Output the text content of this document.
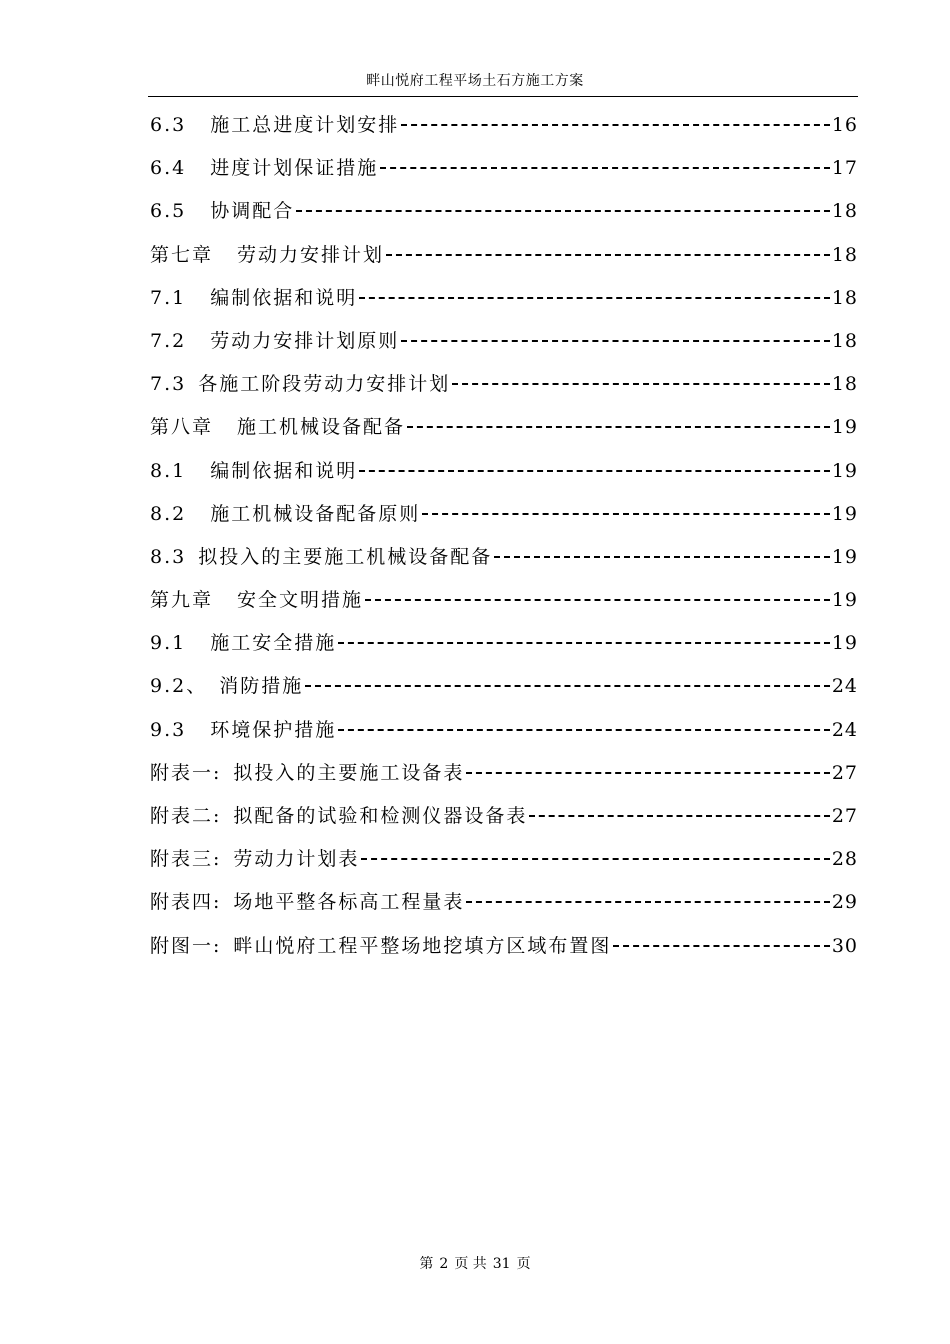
畔山悦府工程平场土石方施工方案
6.3 施工总进度计划安排	16
6.4 进度计划保证措施	17
6.5 协调配合	18
第七章 劳动力安排计划	18
7.1 编制依据和说明	18
7.2 劳动力安排计划原则	18
7.3 各施工阶段劳动力安排计划	18
第八章 施工机械设备配备	19
8.1 编制依据和说明	19
8.2 施工机械设备配备原则	19
8.3 拟投入的主要施工机械设备配备	19
第九章 安全文明措施	19
9.1 施工安全措施	19
9.2、 消防措施	24
9.3 环境保护措施	24
附表一: 拟投入的主要施工设备表	27
附表二: 拟配备的试验和检测仪器设备表	27
附表三: 劳动力计划表	28
附表四: 场地平整各标高工程量表	29
附图一: 畔山悦府工程平整场地挖填方区域布置图	30
第 2 页 共 31 页
